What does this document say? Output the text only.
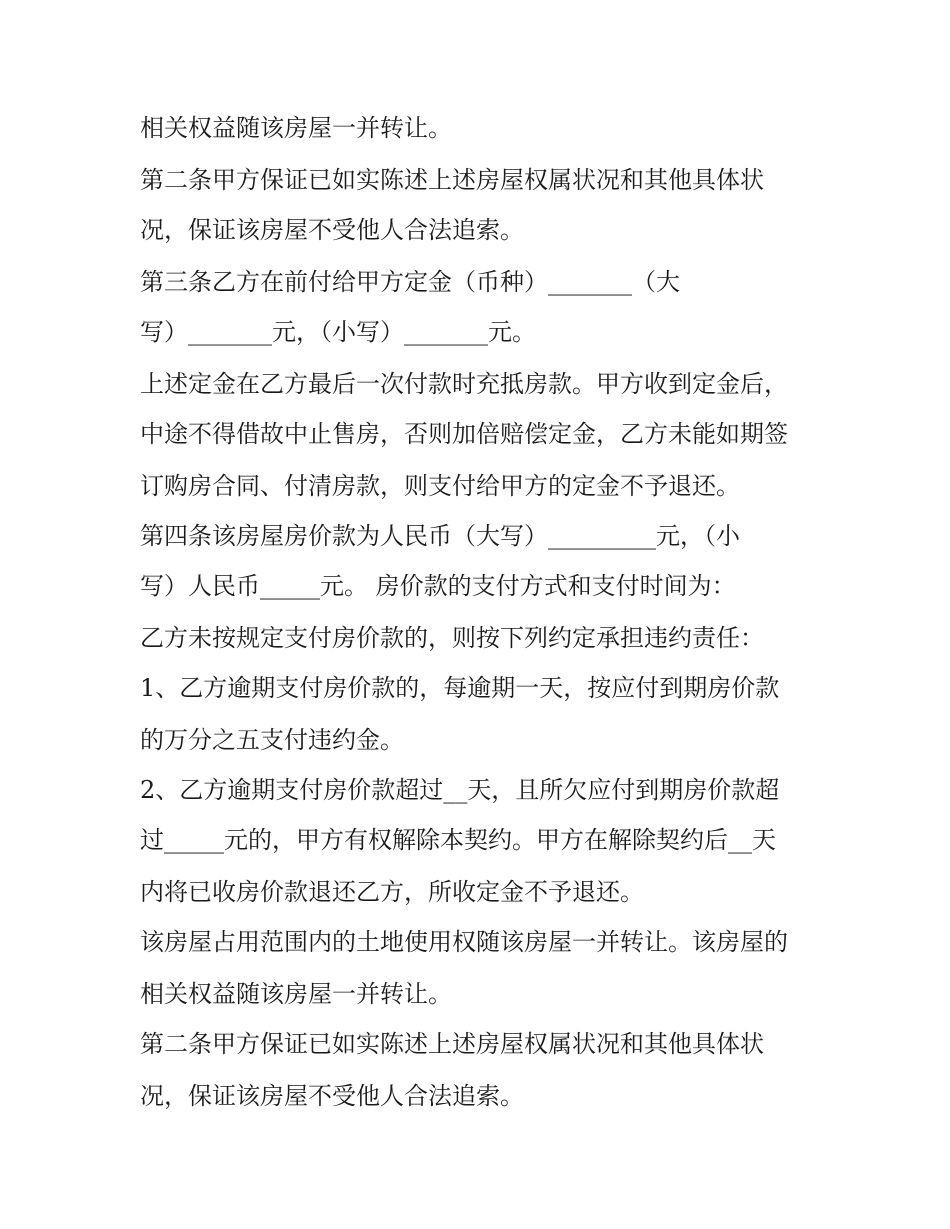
相关权益随该房屋一并转让。
第二条甲方保证已如实陈述上述房屋权属状况和其他具体状
况，保证该房屋不受他人合法追索。
第三条乙方在前付给甲方定金（币种）_______（大
写）_______元，（小写）_______元。
上述定金在乙方最后一次付款时充抵房款。甲方收到定金后，
中途不得借故中止售房，否则加倍赔偿定金，乙方未能如期签
订购房合同、付清房款，则支付给甲方的定金不予退还。
第四条该房屋房价款为人民币（大写）_________元，（小
写）人民币_____元。 房价款的支付方式和支付时间为：
乙方未按规定支付房价款的，则按下列约定承担违约责任：
1、乙方逾期支付房价款的，每逾期一天，按应付到期房价款
的万分之五支付违约金。
2、乙方逾期支付房价款超过__天，且所欠应付到期房价款超
过_____元的，甲方有权解除本契约。甲方在解除契约后__天
内将已收房价款退还乙方，所收定金不予退还。
该房屋占用范围内的土地使用权随该房屋一并转让。该房屋的
相关权益随该房屋一并转让。
第二条甲方保证已如实陈述上述房屋权属状况和其他具体状
况，保证该房屋不受他人合法追索。
